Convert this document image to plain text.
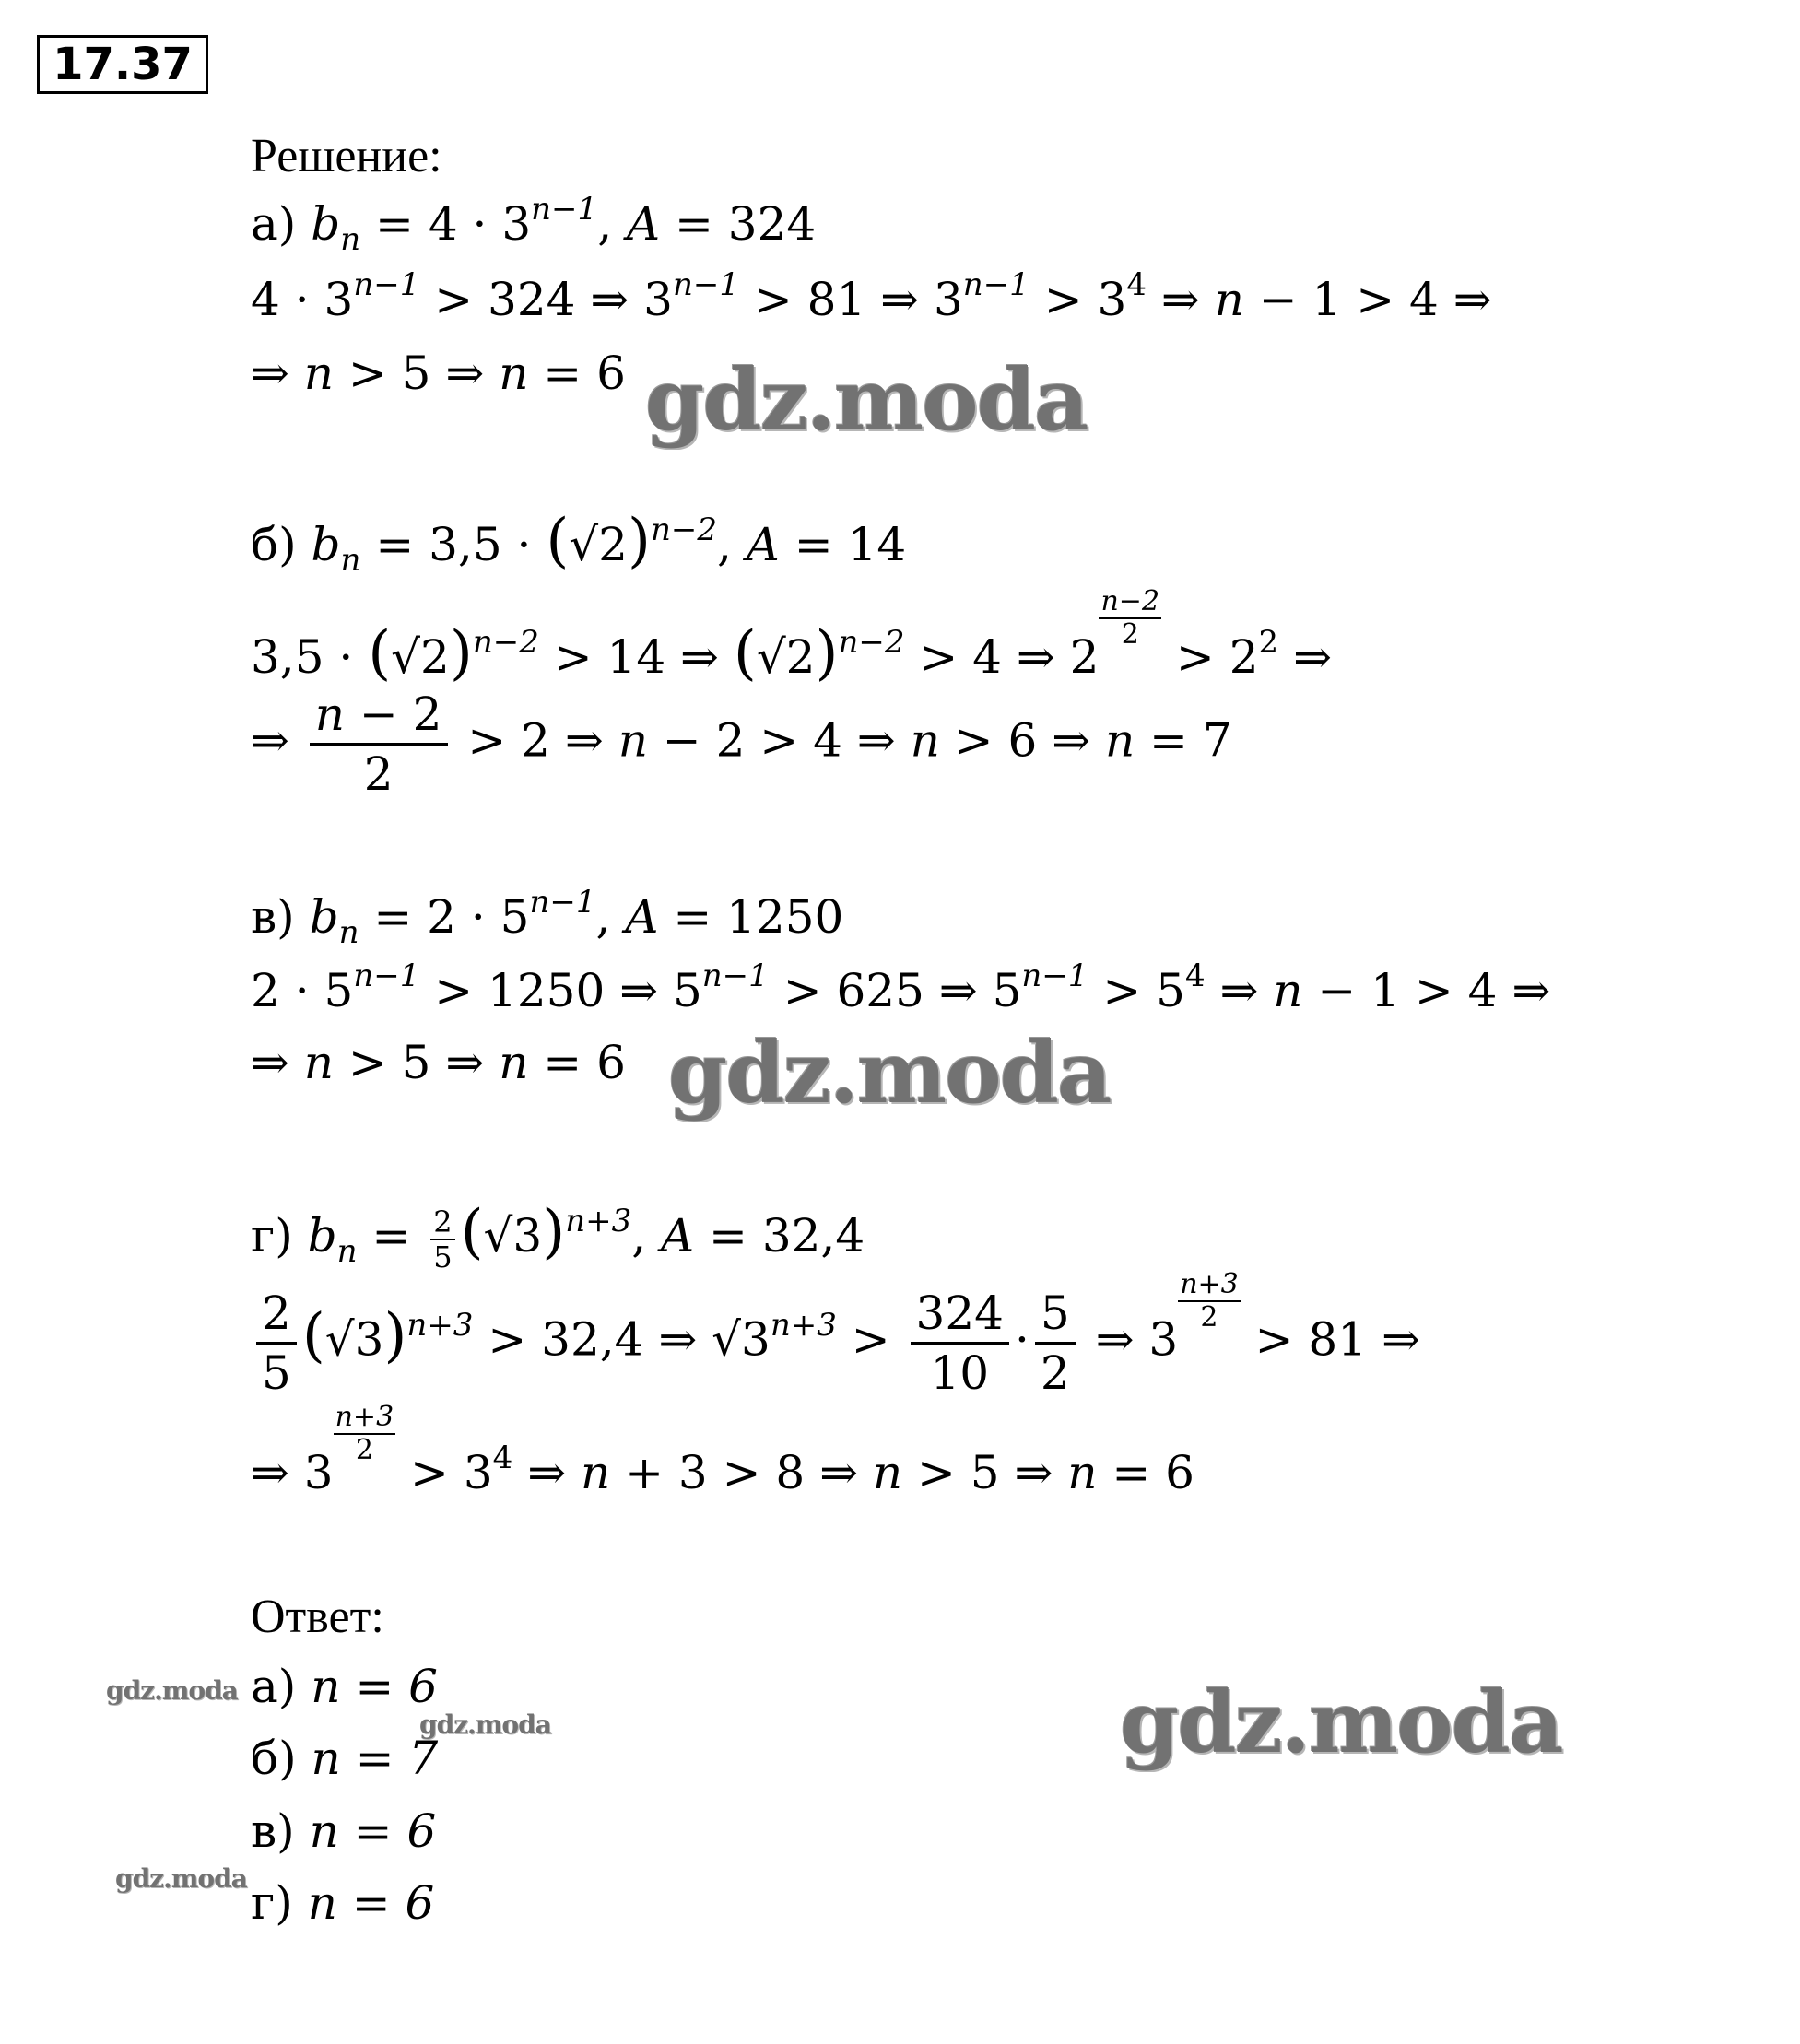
17.37
Решение:
а) $b_n = 4 \cdot 3^{n-1}$, A = 324
$4 \cdot 3^{n-1} > 324$ ⇒ $3^{n-1} > 81$ ⇒ $3^{n-1} > 3^4$ ⇒ n − 1 > 4 ⇒
⇒ n > 5 ⇒ n = 6 gdz.moda
б) $b_n = 3,5 \cdot (√2)^{n-2}$, A = 14
$3,5 \cdot (√2)^{n-2} > 14$ ⇒ $(√2)^{n-2} > 4$ ⇒ 2
$\frac{n-2}{2}$
> $2^2$ ⇒
⇒ $\frac{n - 2}{2} > 2$ ⇒ n − 2 > 4 ⇒ n > 6 ⇒ n = 7
в) $b_n = 2 \cdot 5^{n-1}$, A = 1250
$2 \cdot 5^{n-1} > 1250$ ⇒ $5^{n-1} > 625$ ⇒ $5^{n-1} > 5^4$ ⇒ n − 1 > 4 ⇒
⇒ n > 5 ⇒ n = 6 gdz.moda
г) $b_n = \frac{2}{5} (√3)^{n+3}$, A = 32,4
$\frac{2}{5} (√3)^{n+3} > 32,4$ ⇒ $√3^{n+3} > \frac{324}{10} \cdot \frac{5}{2}$ ⇒ 3
$\frac{n+3}{2}$
> 81 ⇒
⇒ 3
$\frac{n+3}{2}$
> $3^4$ ⇒ n + 3 > 8 ⇒ n > 5 ⇒ n = 6
Ответ:
а) n = 6
б) n = 7
в) n = 6
г) n = 6
gdz.moda
gdz.moda
gdz.moda
gdz.moda
